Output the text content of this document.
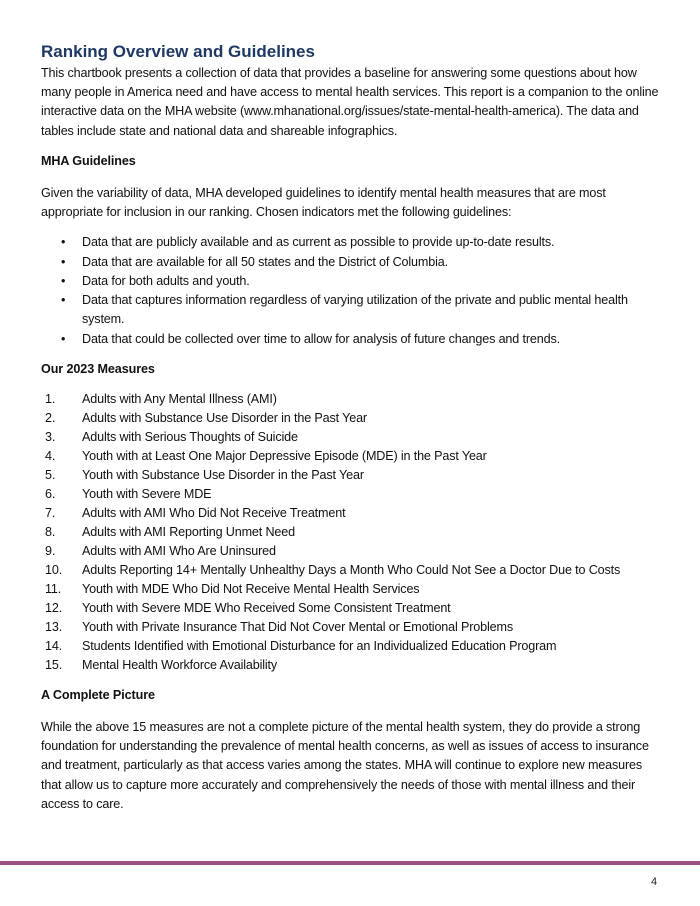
Ranking Overview and Guidelines

This chartbook presents a collection of data that provides a baseline for answering some questions about how many people in America need and have access to mental health services. This report is a companion to the online interactive data on the MHA website (www.mhanational.org/issues/state-mental-health-america). The data and tables include state and national data and shareable infographics.

MHA Guidelines

Given the variability of data, MHA developed guidelines to identify mental health measures that are most appropriate for inclusion in our ranking. Chosen indicators met the following guidelines:

• Data that are publicly available and as current as possible to provide up-to-date results.
• Data that are available for all 50 states and the District of Columbia.
• Data for both adults and youth.
• Data that captures information regardless of varying utilization of the private and public mental health system.
• Data that could be collected over time to allow for analysis of future changes and trends.
Our 2023 Measures
1.	Adults with Any Mental Illness (AMI)
2.	Adults with Substance Use Disorder in the Past Year
3.	Adults with Serious Thoughts of Suicide
4.	Youth with at Least One Major Depressive Episode (MDE) in the Past Year
5.	Youth with Substance Use Disorder in the Past Year
6.	Youth with Severe MDE
7.	Adults with AMI Who Did Not Receive Treatment
8.	Adults with AMI Reporting Unmet Need
9.	Adults with AMI Who Are Uninsured
10.	Adults Reporting 14+ Mentally Unhealthy Days a Month Who Could Not See a Doctor Due to Costs
11.	Youth with MDE Who Did Not Receive Mental Health Services
12.	Youth with Severe MDE Who Received Some Consistent Treatment
13.	Youth with Private Insurance That Did Not Cover Mental or Emotional Problems
14.	Students Identified with Emotional Disturbance for an Individualized Education Program
15.	Mental Health Workforce Availability
A Complete Picture

While the above 15 measures are not a complete picture of the mental health system, they do provide a strong foundation for understanding the prevalence of mental health concerns, as well as issues of access to insurance and treatment, particularly as that access varies among the states. MHA will continue to explore new measures that allow us to capture more accurately and comprehensively the needs of those with mental illness and their access to care.

4
